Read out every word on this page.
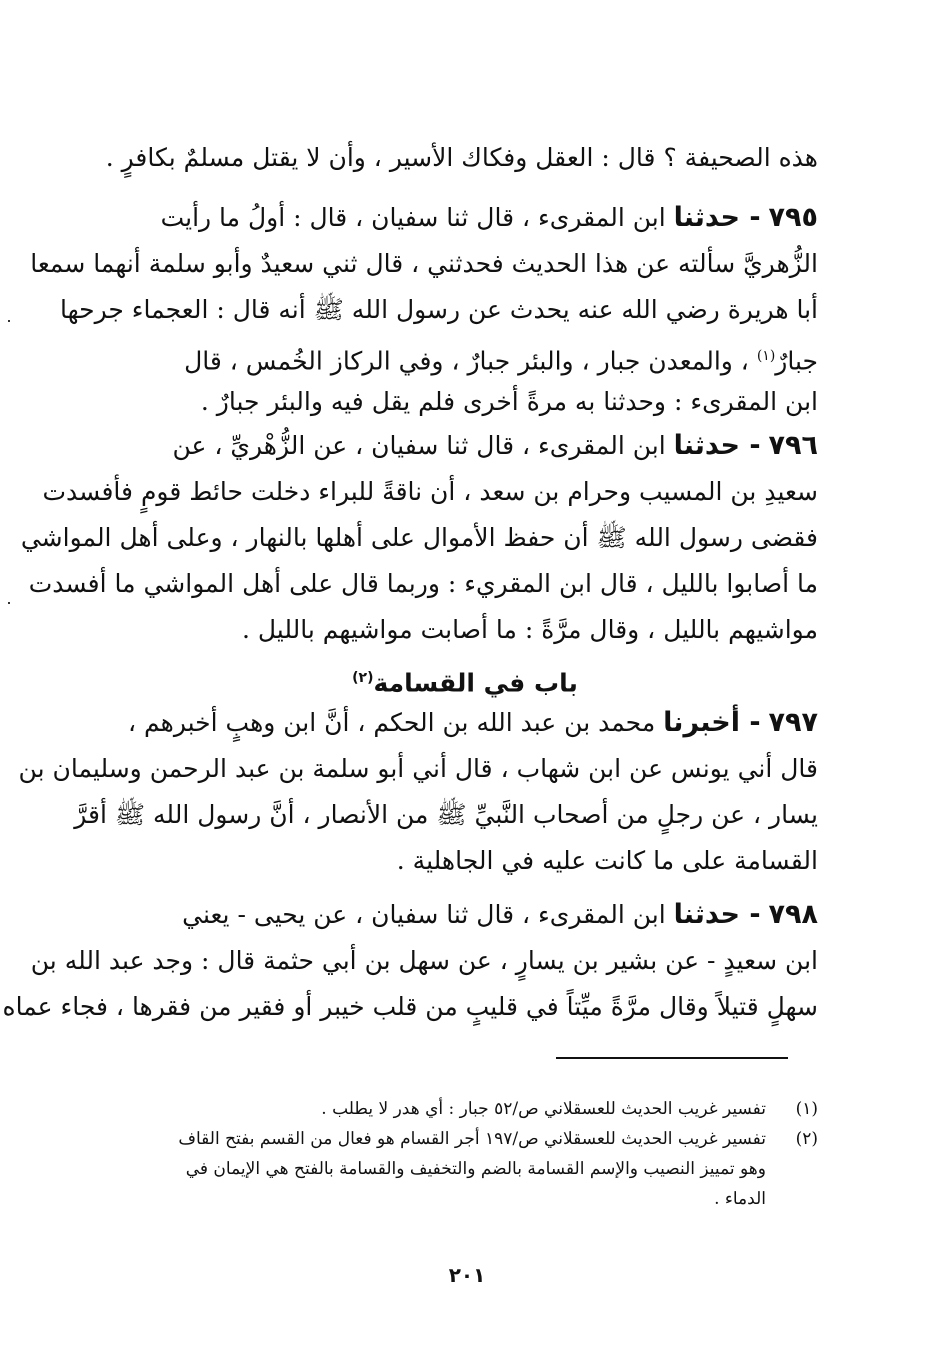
هذه الصحيفة ؟ قال : العقل وفكاك الأسير ، وأن لا يقتل مسلمٌ بكافرٍ .
٧٩٥ - حدثنا ابن المقرىء ، قال ثنا سفيان ، قال : أولُ ما رأيت
الزُّهريَّ سألته عن هذا الحديث فحدثني ، قال ثني سعيدٌ وأبو سلمة أنهما سمعا
أبا هريرة رضي الله عنه يحدث عن رسول الله ﷺ أنه قال : العجماء جرحها
جبارٌ$^{(١)}$ ، والمعدن جبار ، والبئر جبارٌ ، وفي الركاز الخُمس ، قال
ابن المقرىء : وحدثنا به مرةً أخرى فلم يقل فيه والبئر جبارٌ .
٧٩٦ - حدثنا ابن المقرىء ، قال ثنا سفيان ، عن الزُّهْريِّ ، عن
سعيدِ بن المسيب وحرام بن سعد ، أن ناقةً للبراء دخلت حائط قومٍ فأفسدت
فقضى رسول الله ﷺ أن حفظ الأموال على أهلها بالنهار ، وعلى أهل المواشي
ما أصابوا بالليل ، قال ابن المقريء : وربما قال على أهل المواشي ما أفسدت
مواشيهم بالليل ، وقال مرَّةً : ما أصابت مواشيهم بالليل .
باب في القسامة$^{(٢)}$
٧٩٧ - أخبرنا محمد بن عبد الله بن الحكم ، أنَّ ابن وهبٍ أخبرهم ،
قال أني يونس عن ابن شهاب ، قال أني أبو سلمة بن عبد الرحمن وسليمان بن
يسار ، عن رجلٍ من أصحاب النَّبيِّ ﷺ من الأنصار ، أنَّ رسول الله ﷺ أقرَّ
القسامة على ما كانت عليه في الجاهلية .
٧٩٨ - حدثنا ابن المقرىء ، قال ثنا سفيان ، عن يحيى - يعني
ابن سعيدٍ - عن بشير بن يسارٍ ، عن سهل بن أبي حثمة قال : وجد عبد الله بن
سهلٍ قتيلاً وقال مرَّةً ميِّتاً في قليبٍ من قلب خيبر أو فقير من فقرها ، فجاء عماه
(١)
تفسير غريب الحديث للعسقلاني ص/٥٢ جبار : أي هدر لا يطلب .
(٢)
تفسير غريب الحديث للعسقلاني ص/١٩٧ أجر القسام هو فعال من القسم بفتح القاف
وهو تمييز النصيب والإسم القسامة بالضم والتخفيف والقسامة بالفتح هي الإيمان في
الدماء .
٢٠١
